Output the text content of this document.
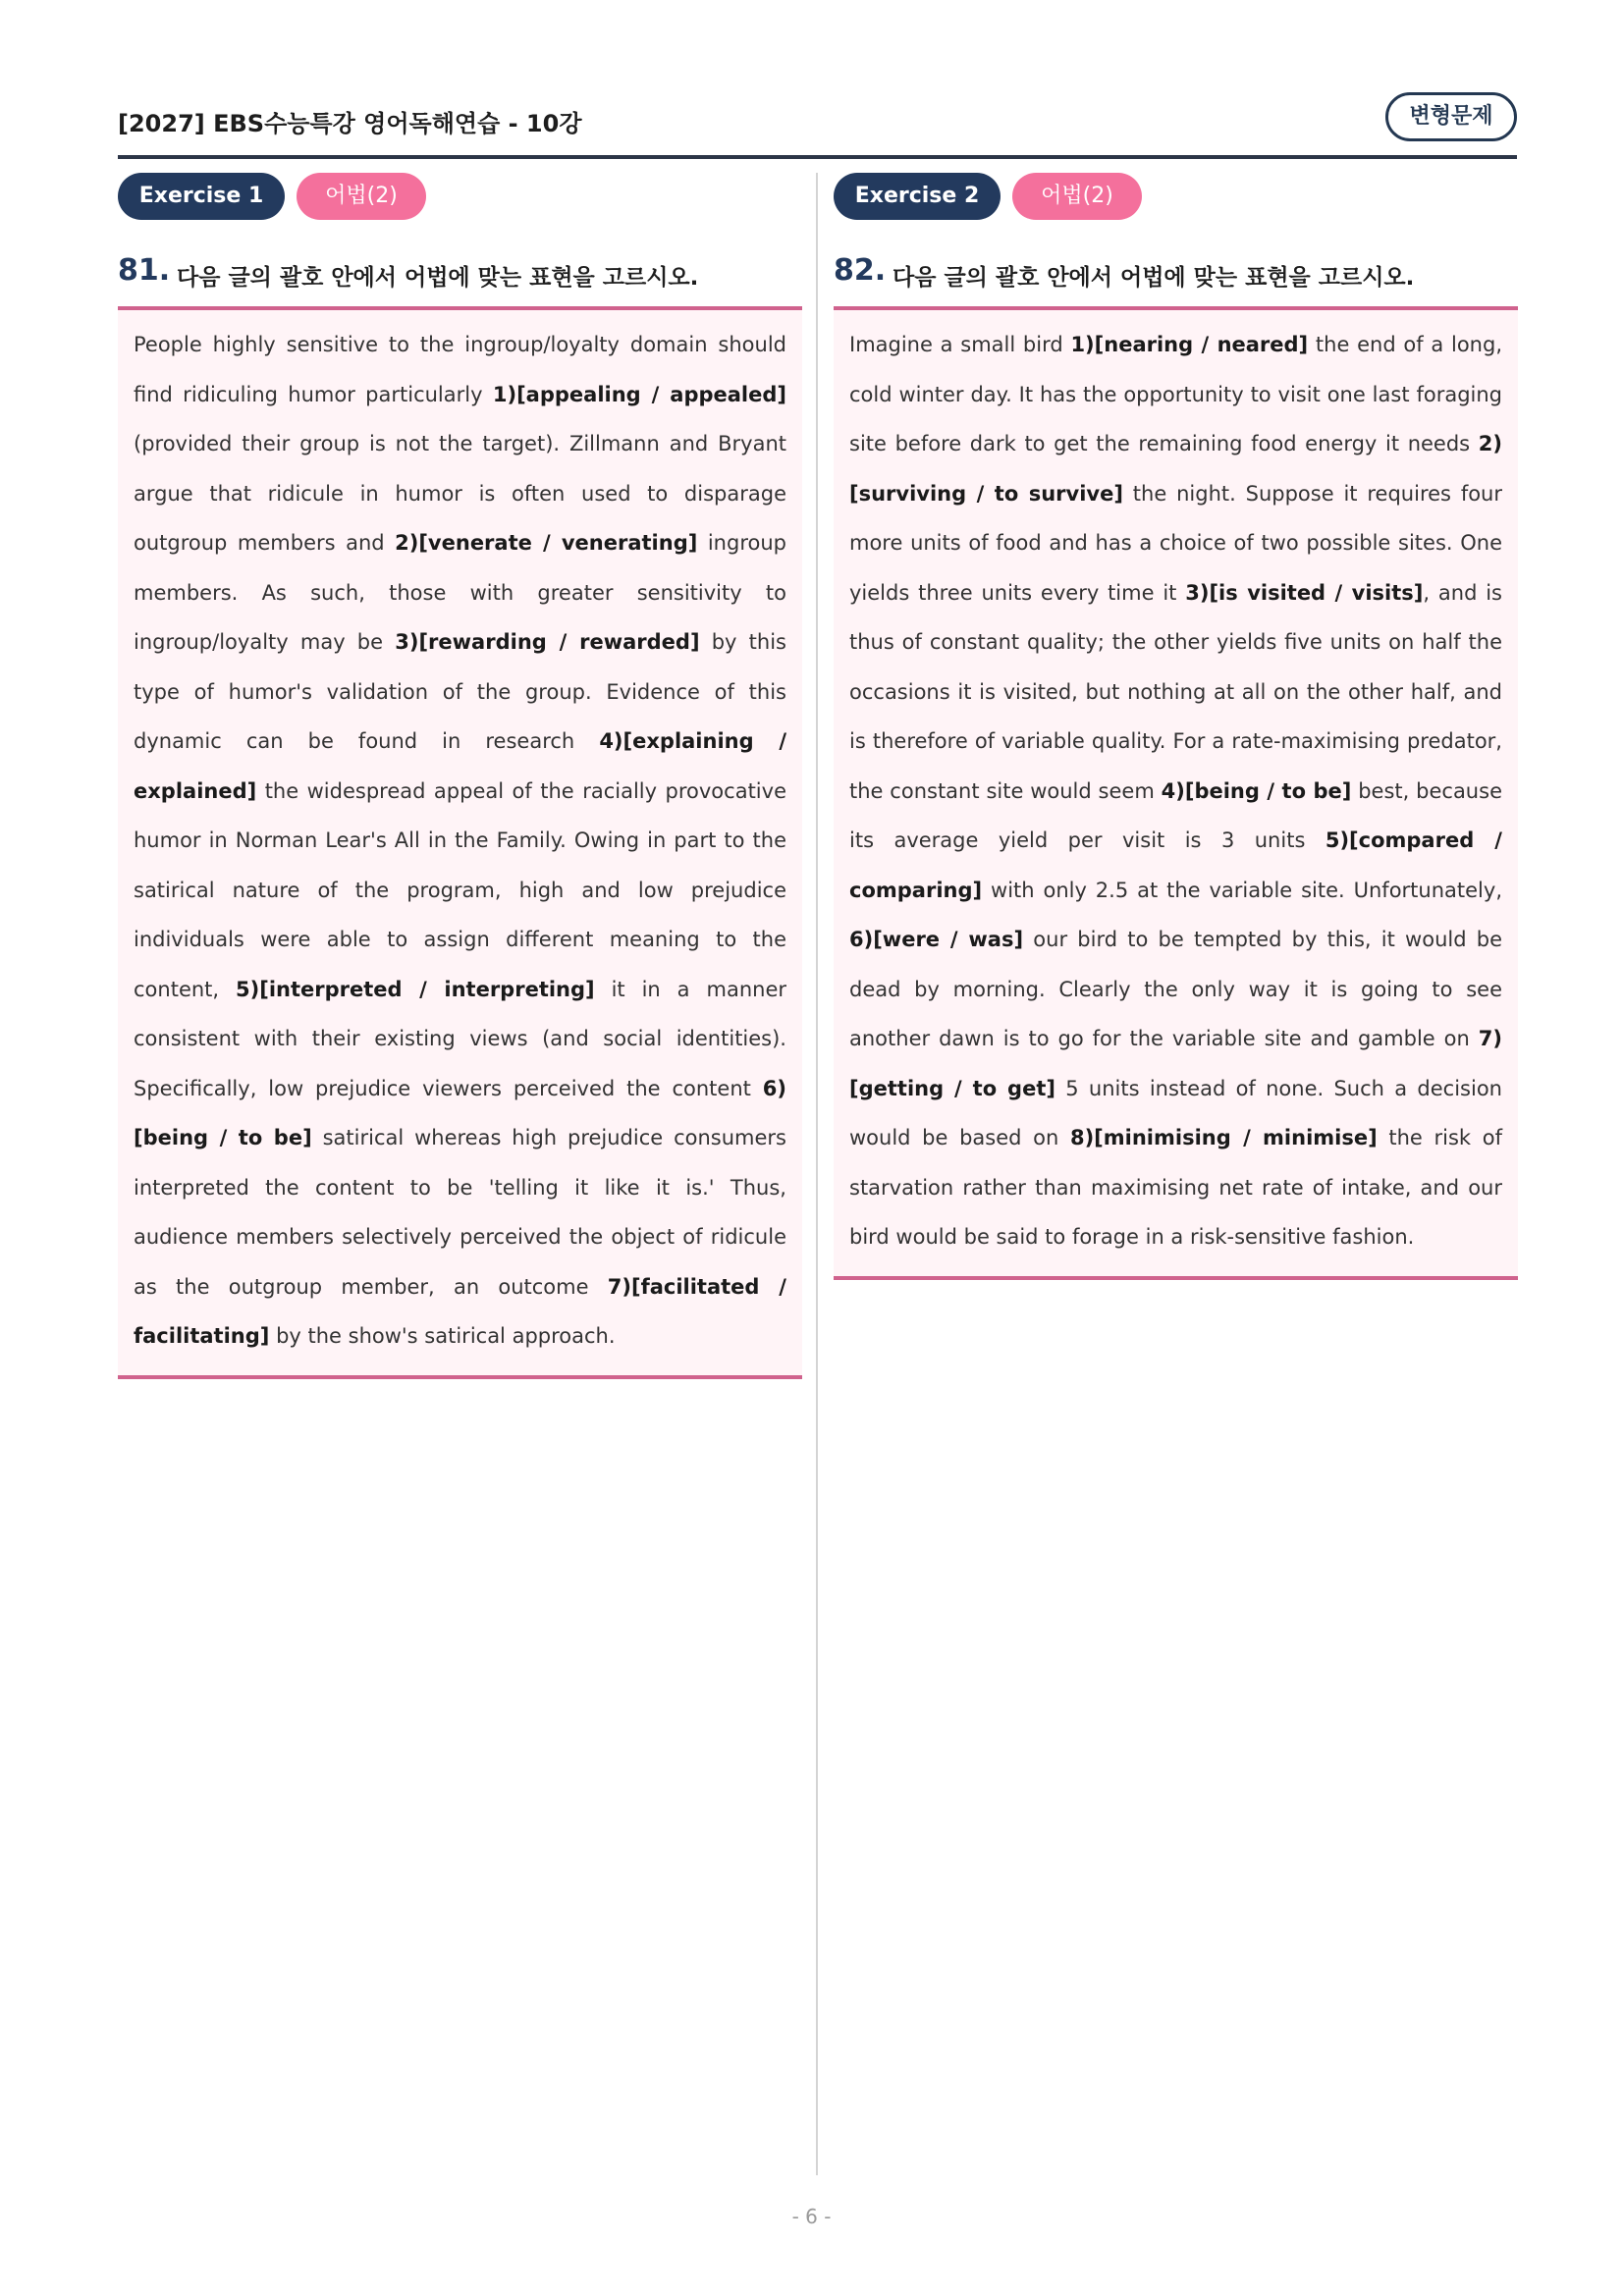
[2027] EBS수능특강 영어독해연습 - 10강	변형문제
Exercise 1	어법(2)
81. 다음 글의 괄호 안에서 어법에 맞는 표현을 고르시오.
People highly sensitive to the ingroup/loyalty domain should find ridiculing humor particularly 1)[appealing / appealed] (provided their group is not the target). Zillmann and Bryant argue that ridicule in humor is often used to disparage outgroup members and 2)[venerate / venerating] ingroup members. As such, those with greater sensitivity to ingroup/loyalty may be 3)[rewarding / rewarded] by this type of humor's validation of the group. Evidence of this dynamic can be found in research 4)[explaining / explained] the widespread appeal of the racially provocative humor in Norman Lear's All in the Family. Owing in part to the satirical nature of the program, high and low prejudice individuals were able to assign different meaning to the content, 5)[interpreted / interpreting] it in a manner consistent with their existing views (and social identities). Specifically, low prejudice viewers perceived the content 6)[being / to be] satirical whereas high prejudice consumers interpreted the content to be 'telling it like it is.' Thus, audience members selectively perceived the object of ridicule as the outgroup member, an outcome 7)[facilitated / facilitating] by the show's satirical approach.
Exercise 2	어법(2)
82. 다음 글의 괄호 안에서 어법에 맞는 표현을 고르시오.
Imagine a small bird 1)[nearing / neared] the end of a long, cold winter day. It has the opportunity to visit one last foraging site before dark to get the remaining food energy it needs 2)[surviving / to survive] the night. Suppose it requires four more units of food and has a choice of two possible sites. One yields three units every time it 3)[is visited / visits], and is thus of constant quality; the other yields five units on half the occasions it is visited, but nothing at all on the other half, and is therefore of variable quality. For a rate-maximising predator, the constant site would seem 4)[being / to be] best, because its average yield per visit is 3 units 5)[compared / comparing] with only 2.5 at the variable site. Unfortunately, 6)[were / was] our bird to be tempted by this, it would be dead by morning. Clearly the only way it is going to see another dawn is to go for the variable site and gamble on 7)[getting / to get] 5 units instead of none. Such a decision would be based on 8)[minimising / minimise] the risk of starvation rather than maximising net rate of intake, and our bird would be said to forage in a risk-sensitive fashion.
- 6 -
